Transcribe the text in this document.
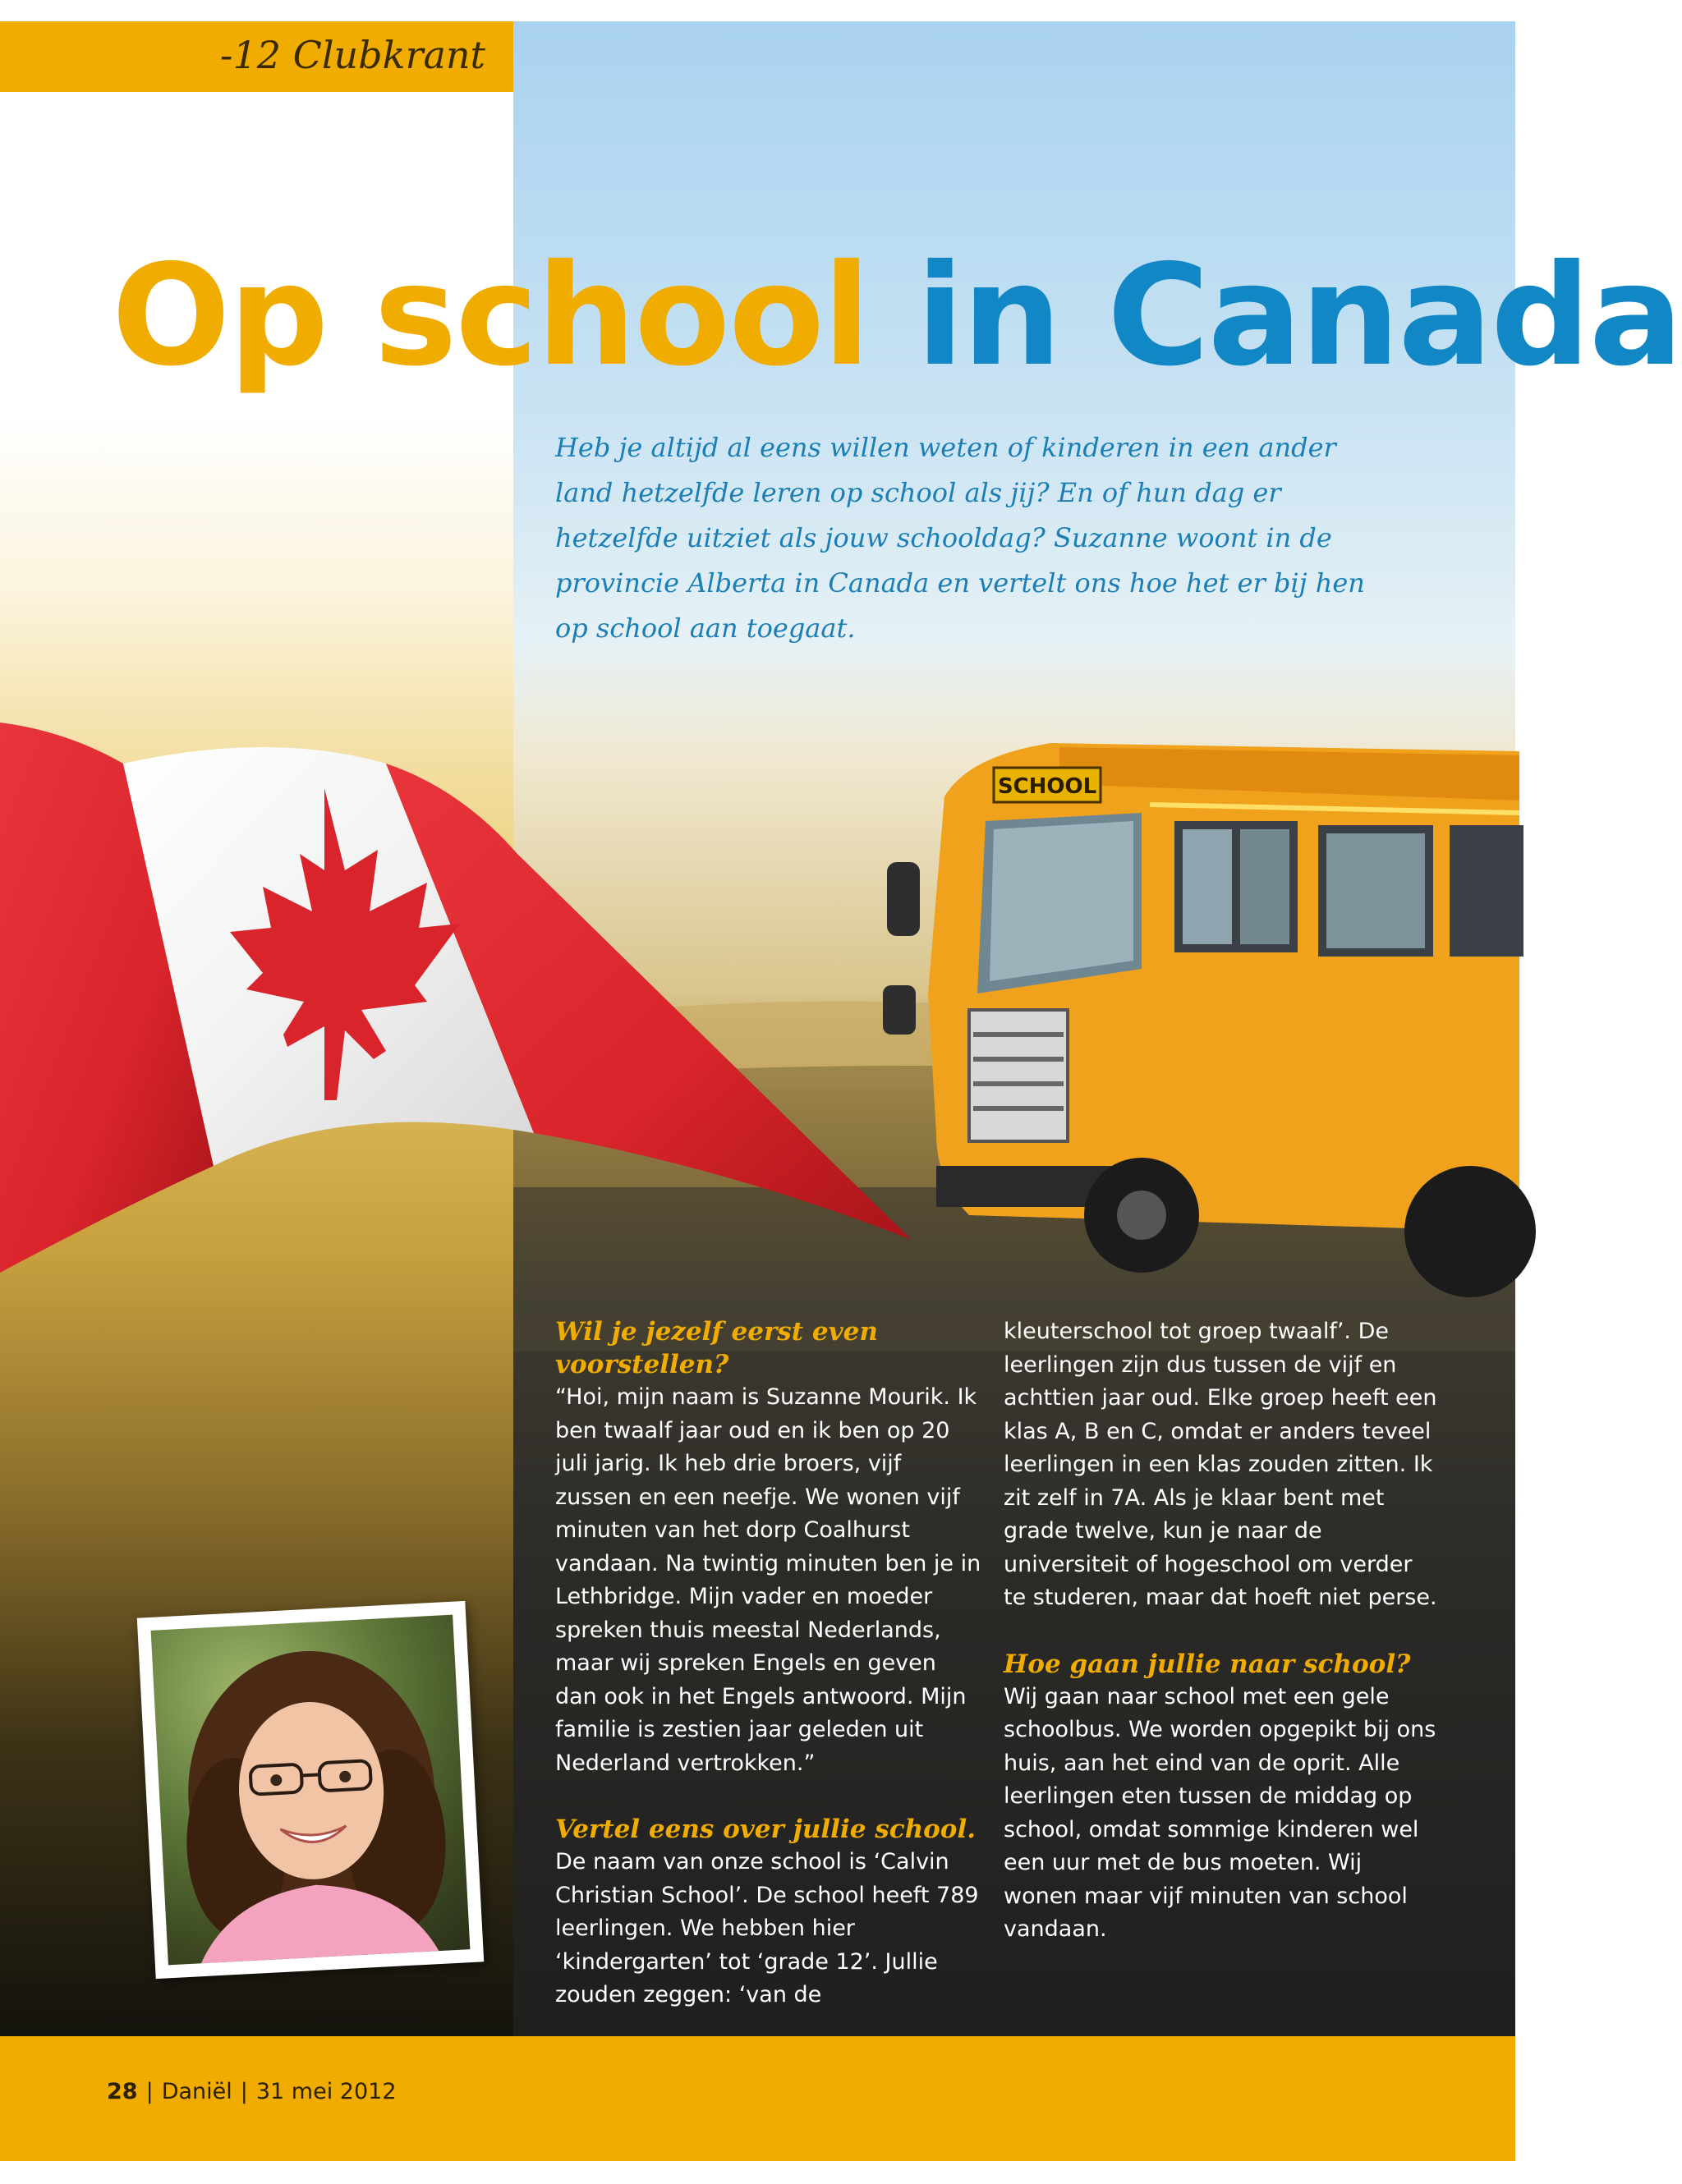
SCHOOL
-12 Clubkrant
Op school in Canada

Heb je altijd al eens willen weten of kinderen in een ander land hetzelfde leren op school als jij? En of hun dag er hetzelfde uitziet als jouw schooldag? Suzanne woont in de provincie Alberta in Canada en vertelt ons hoe het er bij hen op school aan toegaat.

Wil je jezelf eerst even voorstellen?

“Hoi, mijn naam is Suzanne Mourik. Ik ben twaalf jaar oud en ik ben op 20 juli jarig. Ik heb drie broers, vijf zussen en een neefje. We wonen vijf minuten van het dorp Coalhurst vandaan. Na twintig minuten ben je in Lethbridge. Mijn vader en moeder spreken thuis meestal Nederlands, maar wij spreken Engels en geven dan ook in het Engels antwoord. Mijn familie is zestien jaar geleden uit Nederland vertrokken.”

Vertel eens over jullie school.

De naam van onze school is ‘Calvin Christian School’. De school heeft 789 leerlingen. We hebben hier ‘kindergarten’ tot ‘grade 12’. Jullie zouden zeggen: ‘van de

kleuterschool tot groep twaalf’. De leerlingen zijn dus tussen de vijf en achttien jaar oud. Elke groep heeft een klas A, B en C, omdat er anders teveel leerlingen in een klas zouden zitten. Ik zit zelf in 7A. Als je klaar bent met grade twelve, kun je naar de universiteit of hogeschool om verder te studeren, maar dat hoeft niet perse.

Hoe gaan jullie naar school?

Wij gaan naar school met een gele schoolbus. We worden opgepikt bij ons huis, aan het eind van de oprit. Alle leerlingen eten tussen de middag op school, omdat sommige kinderen wel een uur met de bus moeten. Wij wonen maar vijf minuten van school vandaan.

28 | Daniël | 31 mei 2012
